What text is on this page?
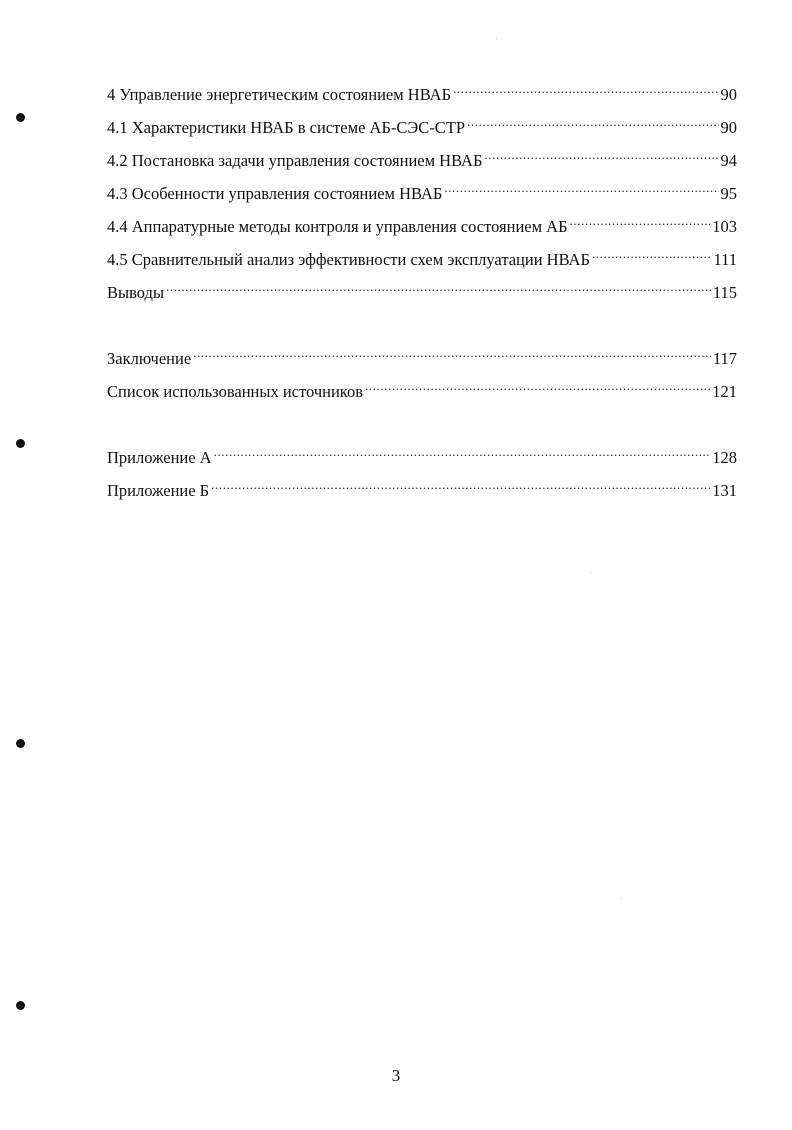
4 Управление энергетическим состоянием НВАБ .....	90
4.1 Характеристики НВАБ в системе АБ-СЭС-СТР .....	90
4.2 Постановка задачи управления состоянием НВАБ .....	94
4.3 Особенности управления состоянием НВАБ .....	95
4.4 Аппаратурные методы контроля и управления состоянием АБ .....	103
4.5 Сравнительный анализ эффективности схем эксплуатации НВАБ .....	111
Выводы .....	115
Заключение .....	117
Список использованных источников .....	121
Приложение А .....	128
Приложение Б .....	131
3
